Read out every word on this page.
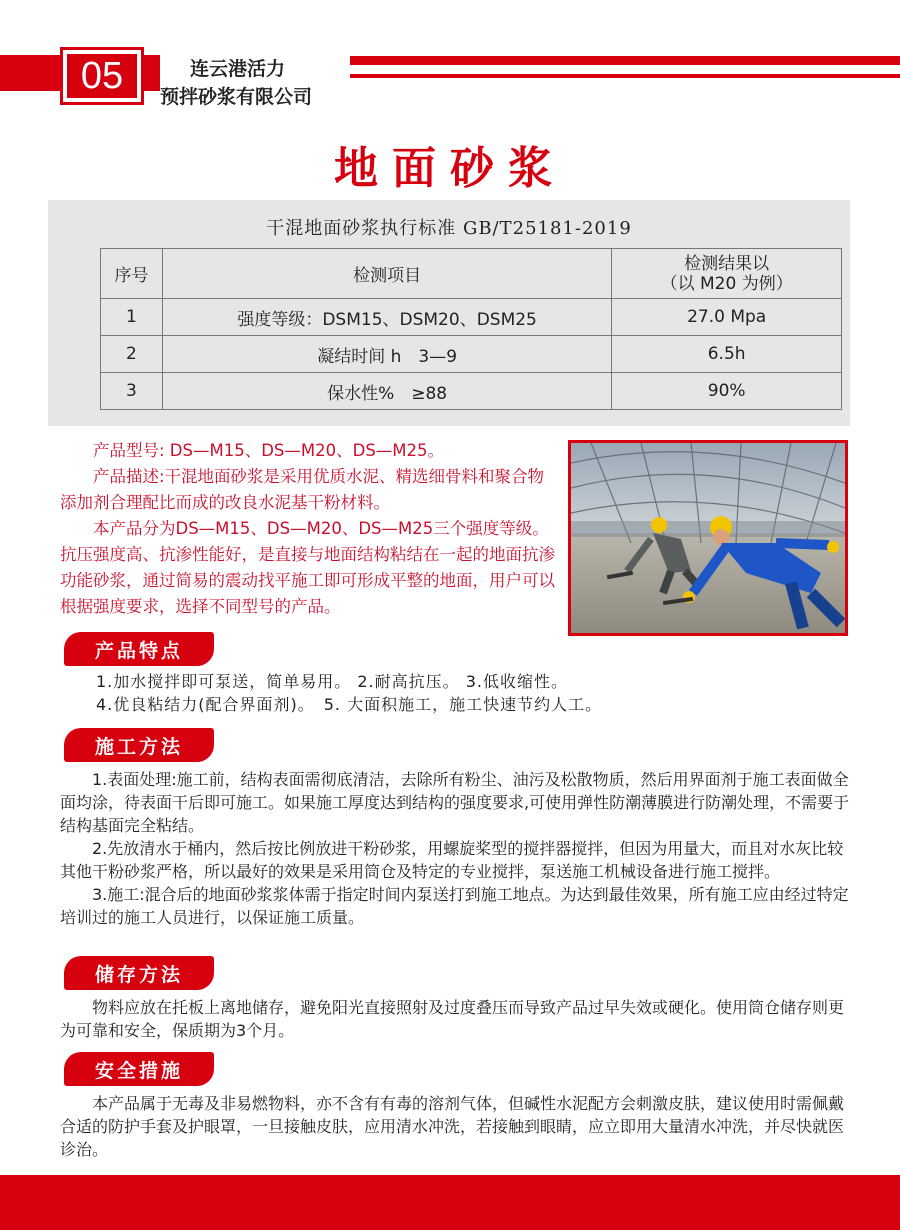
05	连云港活力
预拌砂浆有限公司
地面砂浆
干混地面砂浆执行标准 GB/T25181-2019
序号	检测项目	检测结果以
（以 M20 为例）

1	强度等级：DSM15、DSM20、DSM25	27.0 Mpa
2	凝结时间 h　3—9	6.5h
3	保水性%　≥88	90%

产品型号: DS—M15、DS—M20、DS—M25。

产品描述:干混地面砂浆是采用优质水泥、精选细骨料和聚合物添加剂合理配比而成的改良水泥基干粉材料。

本产品分为DS—M15、DS—M20、DS—M25三个强度等级。抗压强度高、抗渗性能好，是直接与地面结构粘结在一起的地面抗渗功能砂浆，通过简易的震动找平施工即可形成平整的地面，用户可以根据强度要求，选择不同型号的产品。

产品特点
1.加水搅拌即可泵送，简单易用。 2.耐高抗压。 3.低收缩性。
4.优良粘结力(配合界面剂)。　5. 大面积施工，施工快速节约人工。
施工方法

1.表面处理:施工前，结构表面需彻底清洁，去除所有粉尘、油污及松散物质，然后用界面剂于施工表面做全面均涂，待表面干后即可施工。如果施工厚度达到结构的强度要求,可使用弹性防潮薄膜进行防潮处理，不需要于结构基面完全粘结。

2.先放清水于桶内，然后按比例放进干粉砂浆，用螺旋桨型的搅拌器搅拌，但因为用量大，而且对水灰比较其他干粉砂浆严格，所以最好的效果是采用筒仓及特定的专业搅拌，泵送施工机械设备进行施工搅拌。

3.施工:混合后的地面砂浆浆体需于指定时间内泵送打到施工地点。为达到最佳效果，所有施工应由经过特定培训过的施工人员进行，以保证施工质量。

储存方法

物料应放在托板上离地储存，避免阳光直接照射及过度叠压而导致产品过早失效或硬化。使用筒仓储存则更为可靠和安全，保质期为3个月。

安全措施

本产品属于无毒及非易燃物料，亦不含有有毒的溶剂气体，但碱性水泥配方会刺激皮肤，建议使用时需佩戴合适的防护手套及护眼罩，一旦接触皮肤，应用清水冲洗，若接触到眼睛，应立即用大量清水冲洗，并尽快就医诊治。
